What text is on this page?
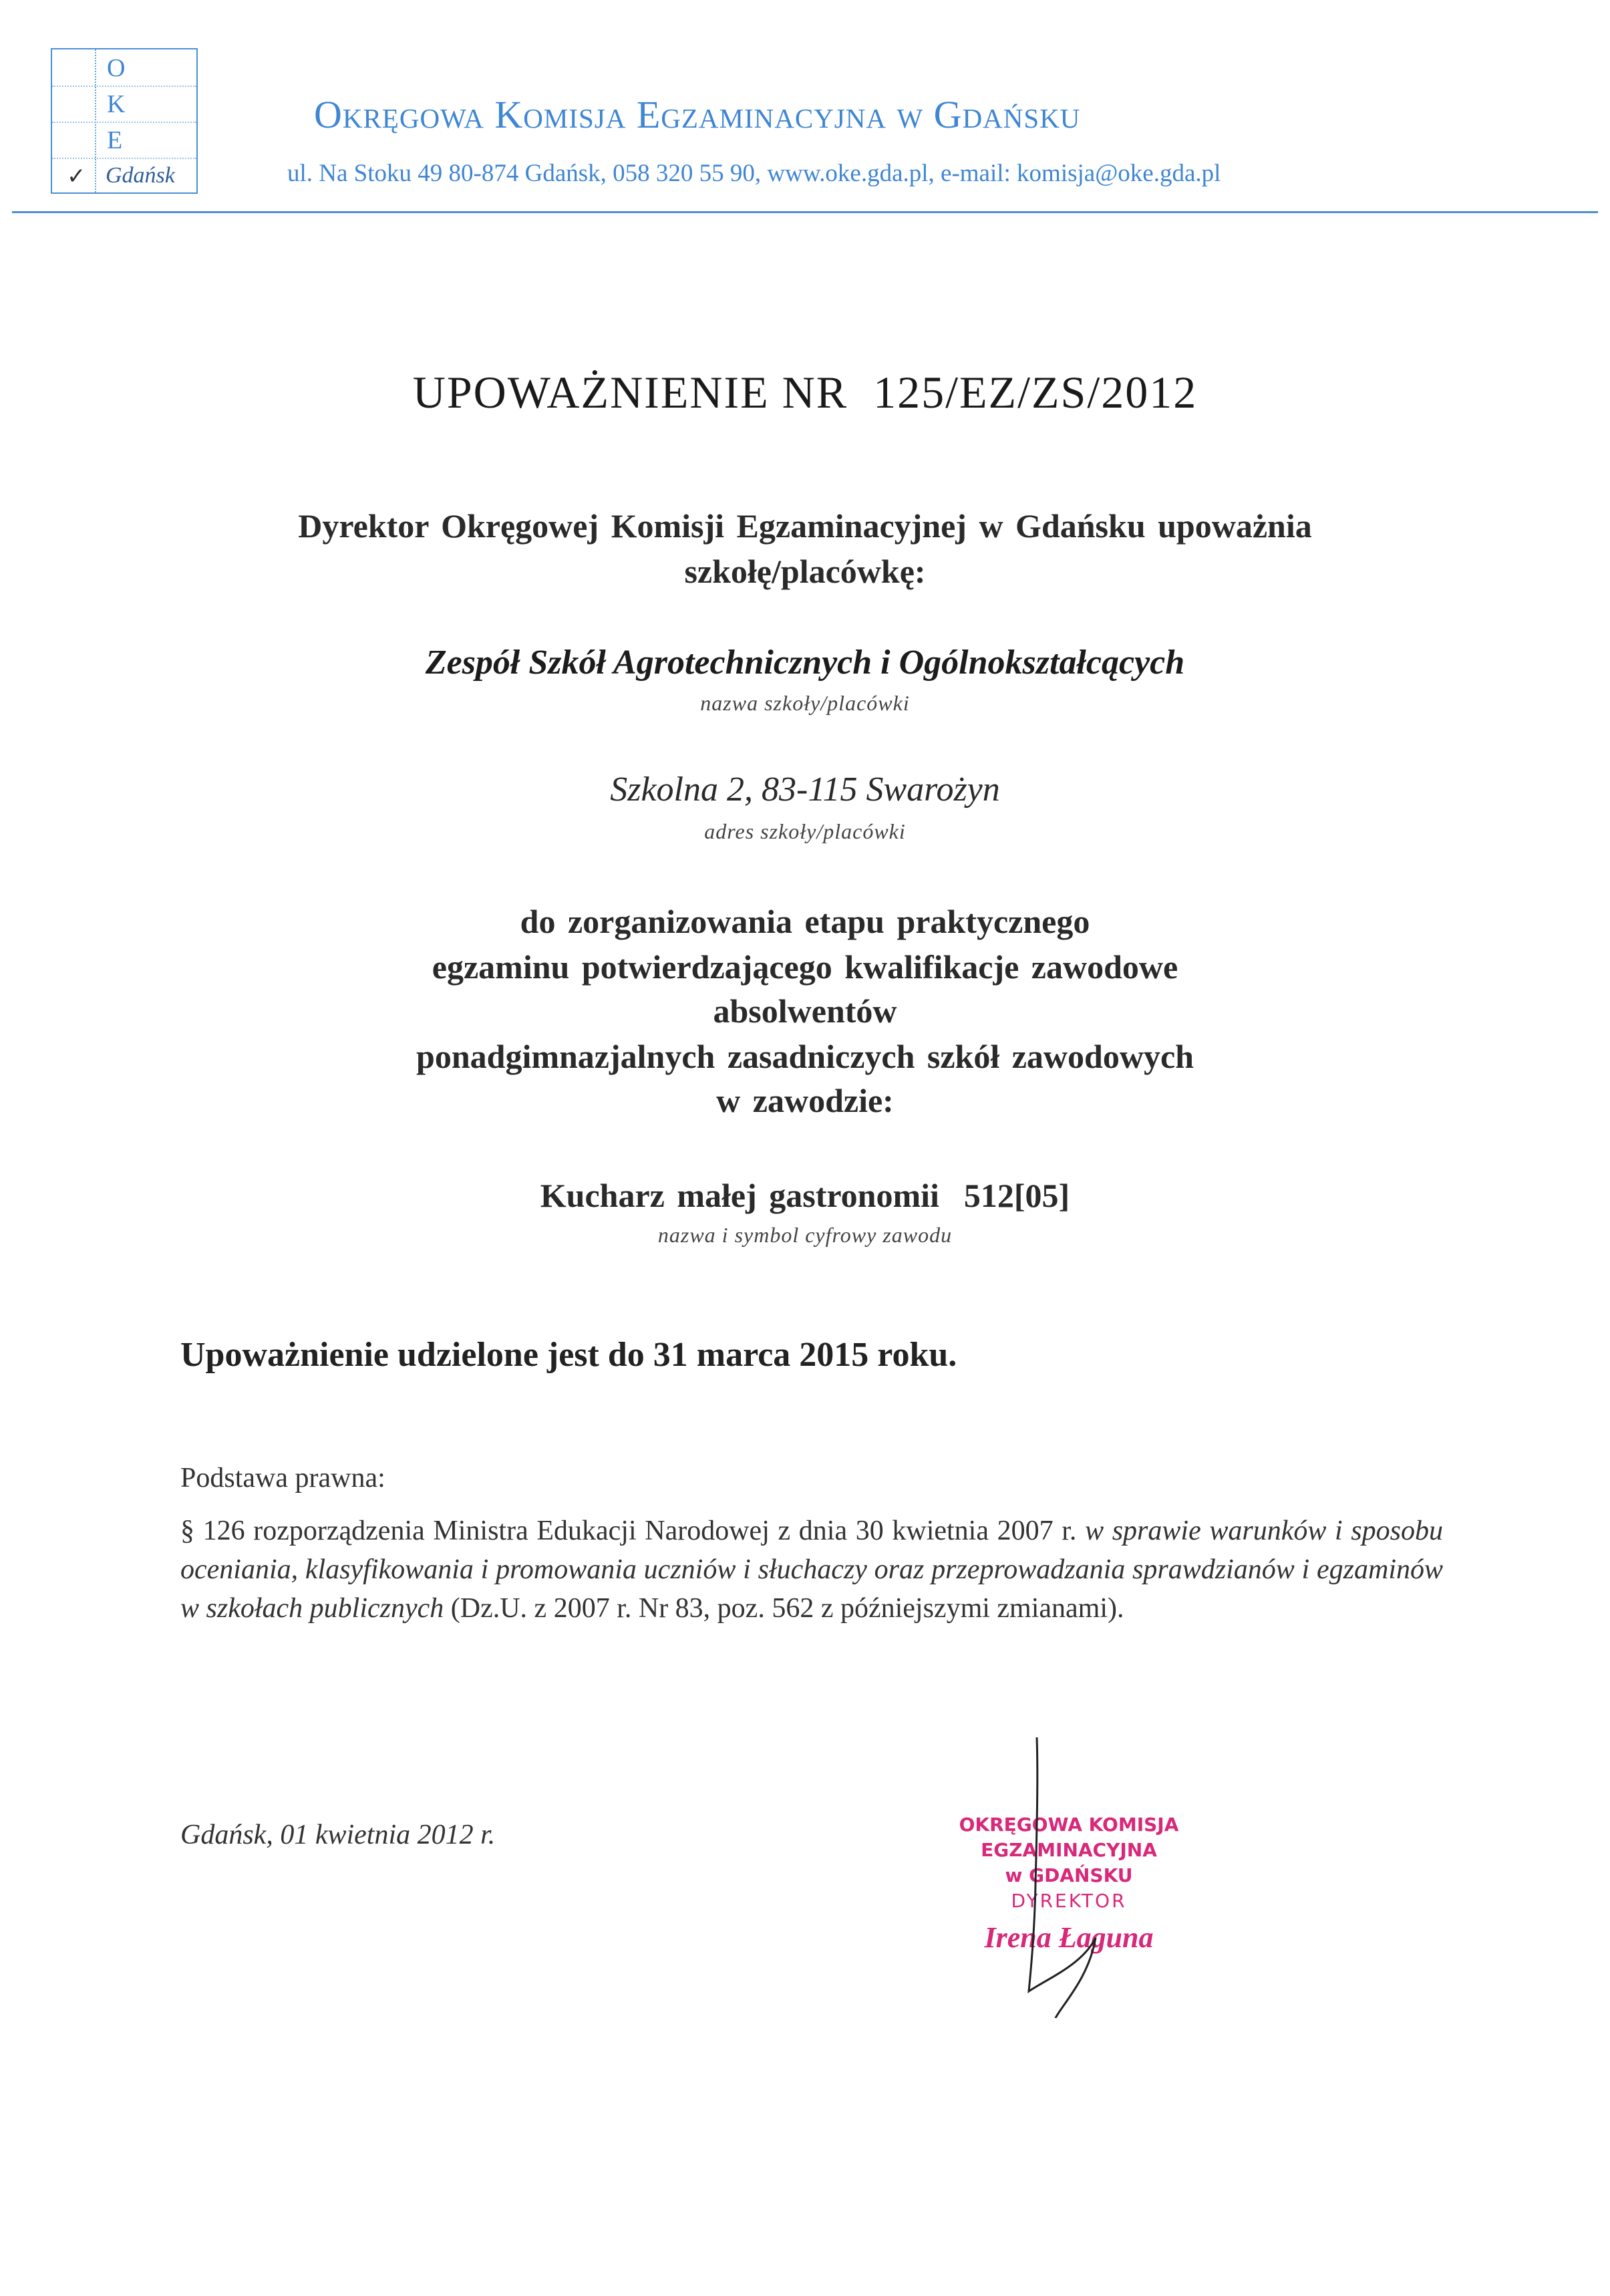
O
K
E
✓ Gdańsk
Okręgowa Komisja Egzaminacyjna w Gdańsku
ul. Na Stoku 49 80-874 Gdańsk, 058 320 55 90, www.oke.gda.pl, e-mail: komisja@oke.gda.pl
UPOWAŻNIENIE NR  125/EZ/ZS/2012
Dyrektor Okręgowej Komisji Egzaminacyjnej w Gdańsku upoważnia
szkołę/placówkę:
Zespół Szkół Agrotechnicznych i Ogólnokształcących
nazwa szkoły/placówki
Szkolna 2, 83-115 Swarożyn
adres szkoły/placówki
do zorganizowania etapu praktycznego
egzaminu potwierdzającego kwalifikacje zawodowe
absolwentów
ponadgimnazjalnych zasadniczych szkół zawodowych
w zawodzie:
Kucharz małej gastronomii  512[05]
nazwa i symbol cyfrowy zawodu
Upoważnienie udzielone jest do 31 marca 2015 roku.
Podstawa prawna:
§ 126 rozporządzenia Ministra Edukacji Narodowej z dnia 30 kwietnia 2007 r. w sprawie warunków i sposobu oceniania, klasyfikowania i promowania uczniów i słuchaczy oraz przeprowadzania sprawdzianów i egzaminów w szkołach publicznych (Dz.U. z 2007 r. Nr 83, poz. 562 z późniejszymi zmianami).
Gdańsk, 01 kwietnia 2012 r.	OKRĘGOWA KOMISJA EGZAMINACYJNA
w GDAŃSKU
DYREKTOR
Irena Łaguna
